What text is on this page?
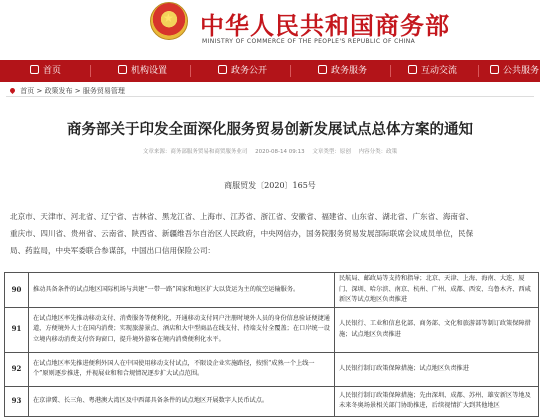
★ 中华人民共和国商务部
MINISTRY OF COMMERCE OF THE PEOPLE'S REPUBLIC OF CHINA
首页	机构设置	政务公开	政务服务	互动交流	公共服务
首页 > 政策发布 > 服务贸易管理
商务部关于印发全面深化服务贸易创新发展试点总体方案的通知
文章来源：商务部服务贸易和商贸服务业司 2020-08-14 09:13 文章类型：原创 内容分类：政策
商服贸发〔2020〕165号
北京市、天津市、河北省、辽宁省、吉林省、黑龙江省、上海市、江苏省、浙江省、安徽省、福建省、山东省、湖北省、广东省、海南省、
重庆市、四川省、贵州省、云南省、陕西省、新疆维吾尔自治区人民政府，中央网信办，国务院服务贸易发展部际联席会议成员单位，民保
局、药监局，中央军委联合参谋部，中国出口信用保险公司：
90	推动具备条件的试点地区国际机场与共建“一带一路”国家和地区扩大以货运为主的航空运输服务。	民航局、邮政局等支持和指导；北京、天津、上海、海南、大连、厦门、深圳、哈尔滨、南京、杭州、广州、成都、西安、乌鲁木齐、西咸新区等试点地区负责推进
91	在试点地区率先推动移动支付、消费服务等便利化，开通移动支付同户注册时境外人员的身份信息验证便捷通道，方便境外人士在国内消费；实现旅游景点、酒店和大中型商品在线支付、持端支付全覆盖；在口岸统一设立境内移动消费支付咨询窗口，提升境外游客在境内消费便利化水平。	人民银行、工业和信息化部、商务部、文化和旅游部等制订政策保障措施；试点地区负责推进
92	在试点地区率先推进便利外国人在中国使用移动支付试点，不限设企业实施路径，按照“成熟一个上线一个”原则逐步推进，并视展业和和合规情况逐步扩大试点范围。	人民银行制订政策保障措施；试点地区负责推进
93	在京津冀、长三角、粤港澳大湾区及中西部具备条件的试点地区开展数字人民币试点。	人民银行制订政策保障措施；先由深圳、成都、苏州、雄安新区等地及未来冬奥场景相关部门协助推进，后续视情扩大到其他地区
